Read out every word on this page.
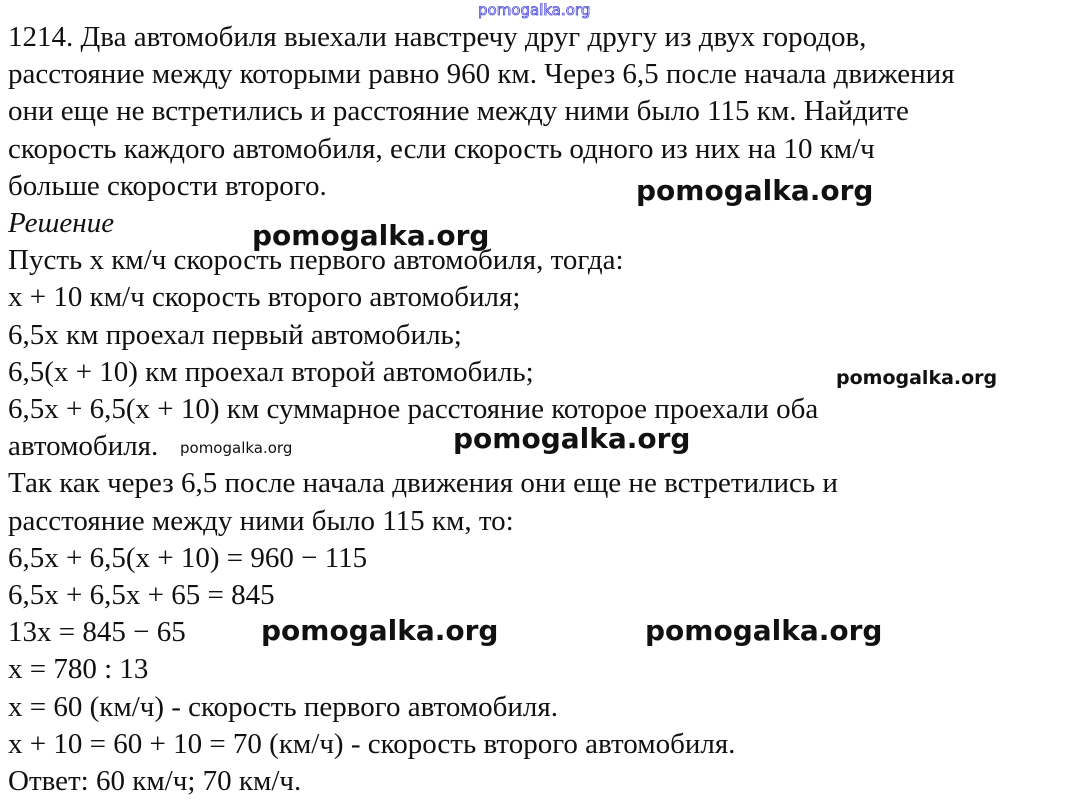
pomogalka.org
1214. Два автомобиля выехали навстречу друг другу из двух городов,
расстояние между которыми равно 960 км. Через 6,5 после начала движения
они еще не встретились и расстояние между ними было 115 км. Найдите
скорость каждого автомобиля, если скорость одного из них на 10 км/ч
больше скорости второго.
Решение
Пусть х км/ч скорость первого автомобиля, тогда:
х + 10 км/ч скорость второго автомобиля;
6,5х км проехал первый автомобиль;
6,5(х + 10) км проехал второй автомобиль;
6,5х + 6,5(х + 10) км суммарное расстояние которое проехали оба
автомобиля.
Так как через 6,5 после начала движения они еще не встретились и
расстояние между ними было 115 км, то:
6,5х + 6,5(х + 10) = 960 − 115
6,5х + 6,5х + 65 = 845
13х = 845 − 65
х = 780 : 13
х = 60 (км/ч) - скорость первого автомобиля.
х + 10 = 60 + 10 = 70 (км/ч) - скорость второго автомобиля.
Ответ: 60 км/ч; 70 км/ч.
pomogalka.org
pomogalka.org
pomogalka.org
pomogalka.org
pomogalka.org
pomogalka.org	pomogalka.org
